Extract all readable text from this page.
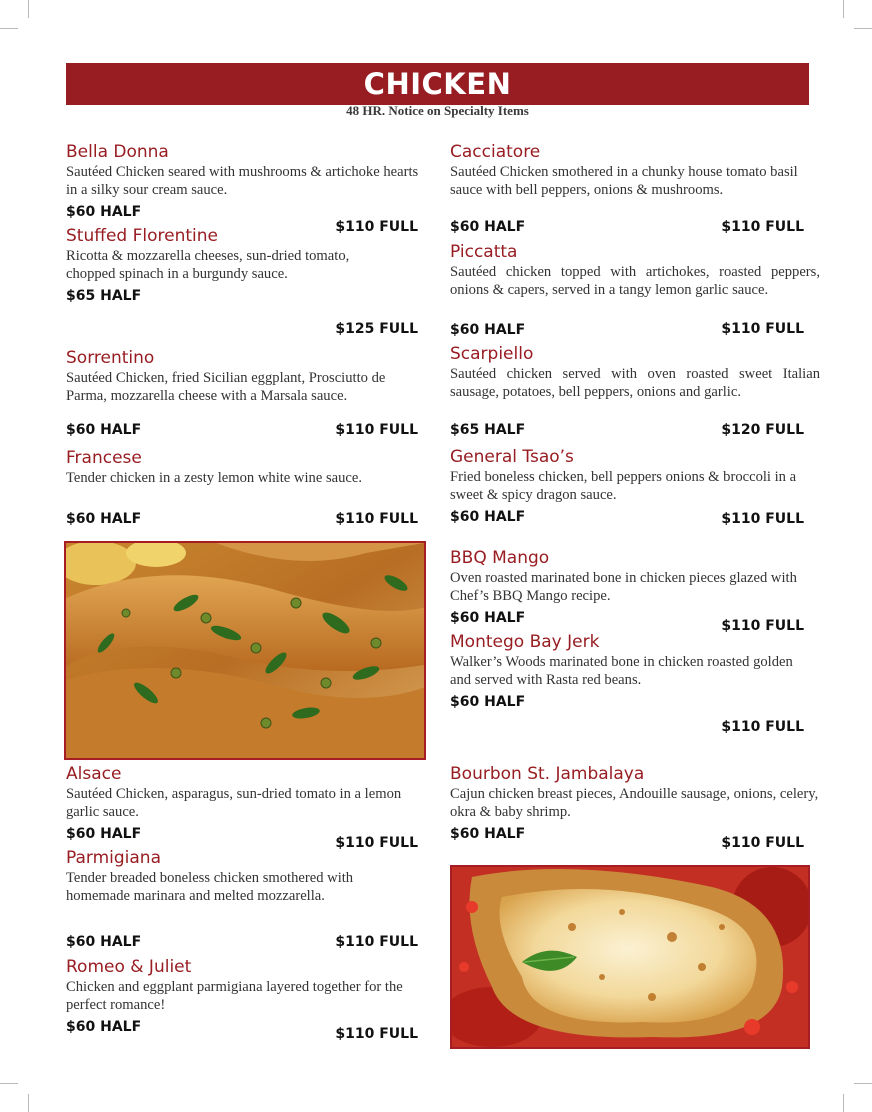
CHICKEN
48 HR. Notice on Specialty Items
Bella Donna
Sautéed Chicken seared with mushrooms & artichoke hearts in a silky sour cream sauce.
$60 HALF
$110 FULL
Stuffed Florentine
Ricotta & mozzarella cheeses, sun-dried tomato, chopped spinach in a burgundy sauce.
$65 HALF
$125 FULL
Sorrentino
Sautéed Chicken, fried Sicilian eggplant, Prosciutto de Parma, mozzarella cheese with a Marsala sauce.
$60 HALF	$110 FULL
Francese
Tender chicken in a zesty lemon white wine sauce.
$60 HALF	$110 FULL
Alsace
Sautéed Chicken, asparagus, sun-dried tomato in a lemon garlic sauce.
$60 HALF
$110 FULL
Parmigiana
Tender breaded boneless chicken smothered with homemade marinara and melted mozzarella.
$60 HALF	$110 FULL
Romeo & Juliet
Chicken and eggplant parmigiana layered together for the perfect romance!
$60 HALF	$110 FULL
Cacciatore
Sautéed Chicken smothered in a chunky house tomato basil sauce with bell peppers, onions & mushrooms.
$60 HALF	$110 FULL
Piccatta
Sautéed chicken topped with artichokes, roasted peppers, onions & capers, served in a tangy lemon garlic sauce.
$60 HALF	$110 FULL
Scarpiello
Sautéed chicken served with oven roasted sweet Italian sausage, potatoes, bell peppers, onions and garlic.
$65 HALF	$120 FULL
General Tsao’s
Fried boneless chicken, bell peppers onions & broccoli in a sweet & spicy dragon sauce.
$60 HALF	$110 FULL
BBQ Mango
Oven roasted marinated bone in chicken pieces glazed with Chef’s BBQ Mango recipe.
$60 HALF	$110 FULL
Montego Bay Jerk
Walker’s Woods marinated bone in chicken roasted golden and served with Rasta red beans.
$60 HALF
$110 FULL
Bourbon St. Jambalaya
Cajun chicken breast pieces, Andouille sausage, onions, celery, okra & baby shrimp.
$60 HALF
$110 FULL
